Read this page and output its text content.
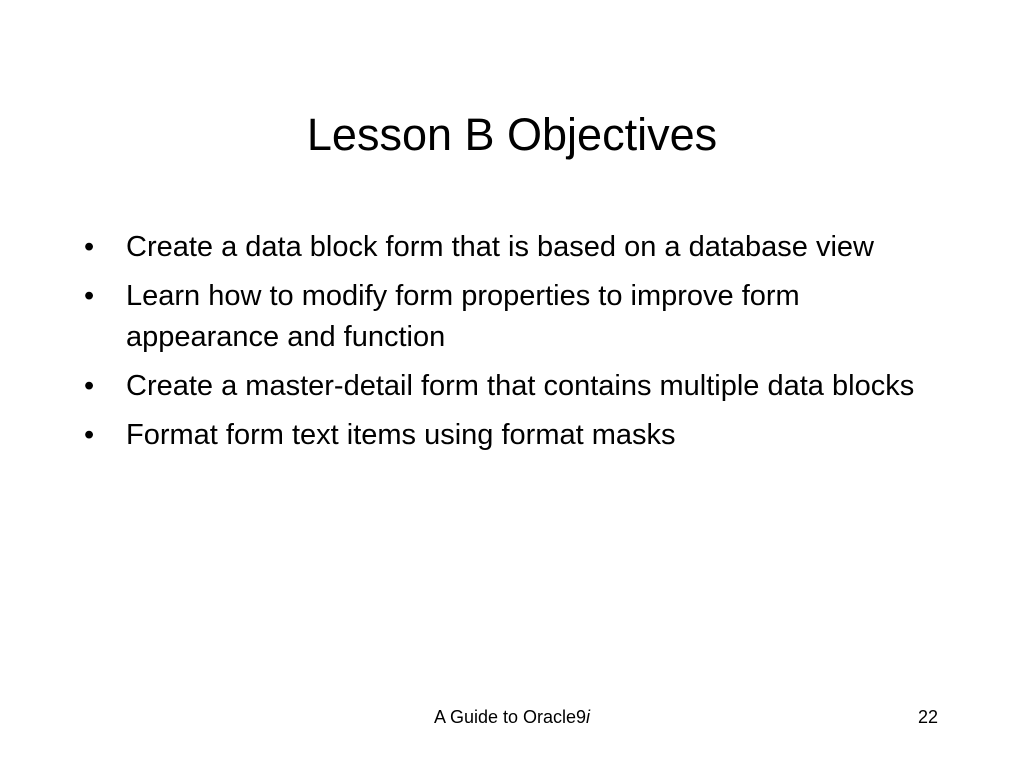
Lesson B Objectives
•	Create a data block form that is based on a database view
•	Learn how to modify form properties to improve form appearance and function
•	Create a master-detail form that contains multiple data blocks
•	Format form text items using format masks
A Guide to Oracle9i	22
